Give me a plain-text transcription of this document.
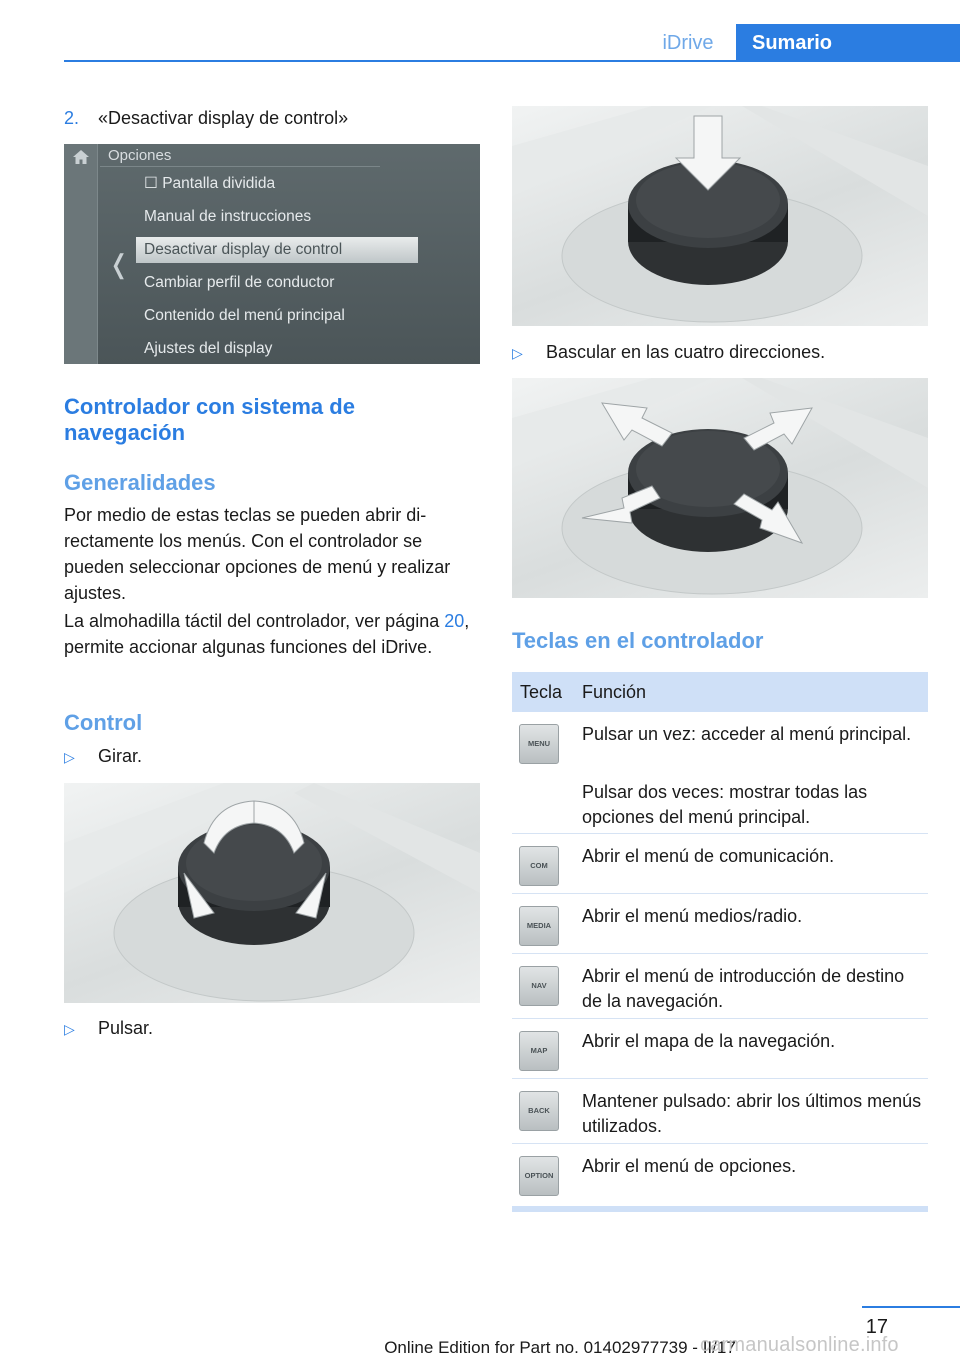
iDrive	Sumario
2. «Desactivar display de control»
Opciones
❬
☐ Pantalla dividida
Manual de instrucciones
Desactivar display de control
Cambiar perfil de conductor
Contenido del menú principal
Ajustes del display
Controlador con sistema de navegación
Generalidades
Por medio de estas teclas se pueden abrir directamente los menús. Con el controlador se pueden seleccionar opciones de menú y realizar ajustes.
La almohadilla táctil del controlador, ver página 20, permite accionar algunas funciones del iDrive.
Control
▷ Girar.
▷ Pulsar.
▷ Bascular en las cuatro direcciones.
Teclas en el controlador
Tecla Función
MENU	Pulsar un vez: acceder al menú principal.
Pulsar dos veces: mostrar todas las opciones del menú principal.
COM	Abrir el menú de comunicación.
MEDIA	Abrir el menú medios/radio.
NAV	Abrir el menú de introducción de destino de la navegación.
MAP	Abrir el mapa de la navegación.
BACK	Mantener pulsado: abrir los últimos menús utilizados.
OPTION Abrir el menú de opciones.
17
Online Edition for Part no. 01402977739 - II/17
carmanualsonline.info
